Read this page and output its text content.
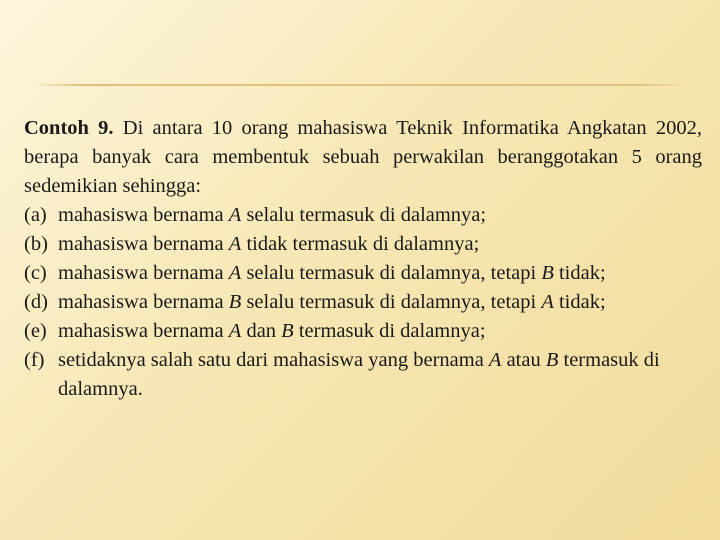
Contoh 9. Di antara 10 orang mahasiswa Teknik Informatika Angkatan 2002, berapa banyak cara membentuk sebuah perwakilan beranggotakan 5 orang sedemikian sehingga:
(a) mahasiswa bernama A selalu termasuk di dalamnya;
(b) mahasiswa bernama A tidak termasuk di dalamnya;
(c) mahasiswa bernama A selalu termasuk di dalamnya, tetapi B tidak;
(d) mahasiswa bernama B selalu termasuk di dalamnya, tetapi A tidak;
(e) mahasiswa bernama A dan B termasuk di dalamnya;
(f) setidaknya salah satu dari mahasiswa yang bernama A atau B termasuk di dalamnya.
